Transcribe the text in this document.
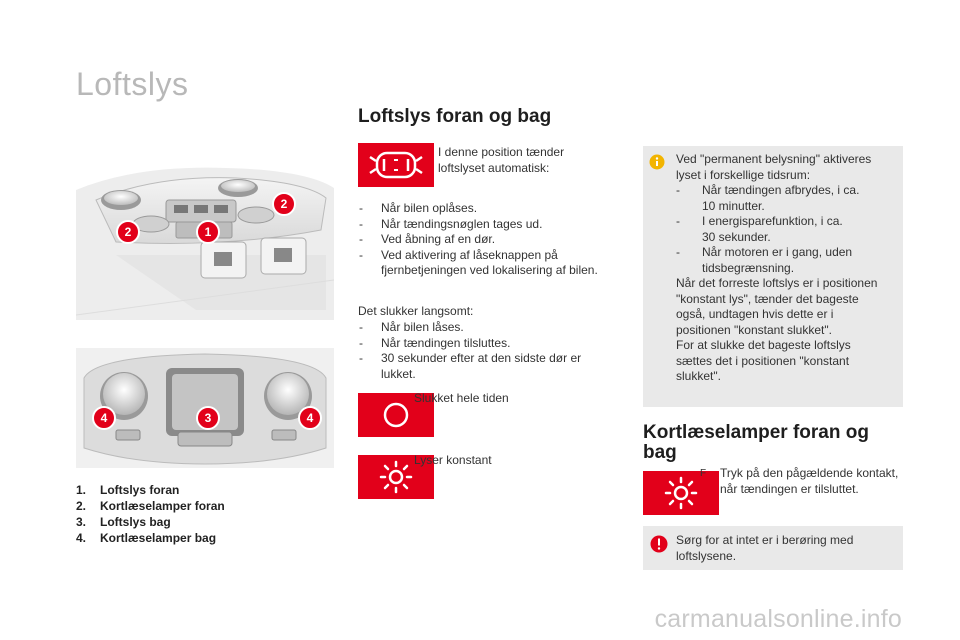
Loftslys
2	1
2
4	3	4
1. Loftslys foran
2. Kortlæselamper foran
3. Loftslys bag
4. Kortlæselamper bag
Loftslys foran og bag
I denne position tænder
loftslyset automatisk:
- Når bilen oplåses.
- Når tændingsnøglen tages ud.
- Ved åbning af en dør.
- Ved aktivering af låseknappen på fjernbetjeningen ved lokalisering af bilen.
Det slukker langsomt:
- Når bilen låses.
- Når tændingen tilsluttes.
- 30 sekunder efter at den sidste dør er lukket.
Slukket hele tiden
Lyser konstant
Ved "permanent belysning" aktiveres
lyset i forskellige tidsrum:
- Når tændingen afbrydes, i ca.
10 minutter.
- I energisparefunktion, i ca.
30 sekunder.
- Når motoren er i gang, uden
tidsbegrænsning.
Når det forreste loftslys er i positionen
"konstant lys", tænder det bageste
også, undtagen hvis dette er i
positionen "konstant slukket".
For at slukke det bageste loftslys
sættes det i positionen "konstant
slukket".
Kortlæselamper foran og
bag
F Tryk på den pågældende kontakt,
når tændingen er tilsluttet.
Sørg for at intet er i berøring med
loftslysene.
carmanualsonline.info
